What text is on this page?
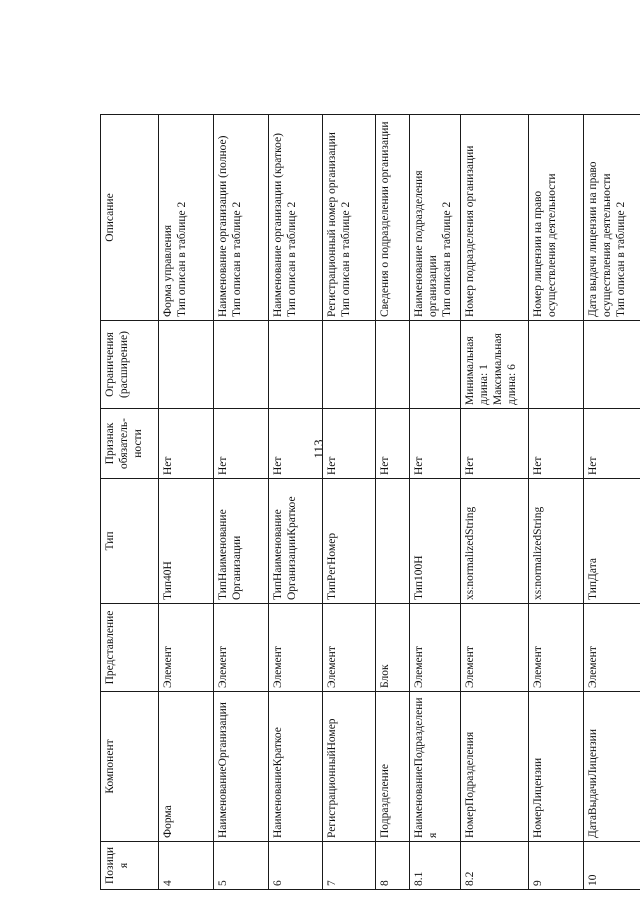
113
Позиция	Компонент	Представление	Тип	Признак обязатель-ности	Ограничения (расширение)	Описание
4	Форма	Элемент	Тип40Н	Нет		Форма управления
Тип описан в таблице 2
5	НаименованиеОрганизации	Элемент	ТипНаименование Организации	Нет		Наименование организации (полное)
Тип описан в таблице 2
6	НаименованиеКраткое	Элемент	ТипНаименование ОрганизацииКраткое	Нет		Наименование организации (краткое)
Тип описан в таблице 2
7	РегистрационныйНомер	Элемент	ТипРегНомер	Нет		Регистрационный номер организации
Тип описан в таблице 2
8	Подразделение	Блок		Нет		Сведения о подразделении организации
8.1	НаименованиеПодразделения	Элемент	Тип100Н	Нет		Наименование подразделения организации
Тип описан в таблице 2
8.2	НомерПодразделения	Элемент	xs:normalizedString	Нет	Минимальная длина: 1
Максимальная длина: 6	Номер подразделения организации
9	НомерЛицензии	Элемент	xs:normalizedString	Нет		Номер лицензии на право осуществления деятельности
10	ДатаВыдачиЛицензии	Элемент	ТипДата	Нет		Дата выдачи лицензии на право осуществления деятельности
Тип описан в таблице 2
